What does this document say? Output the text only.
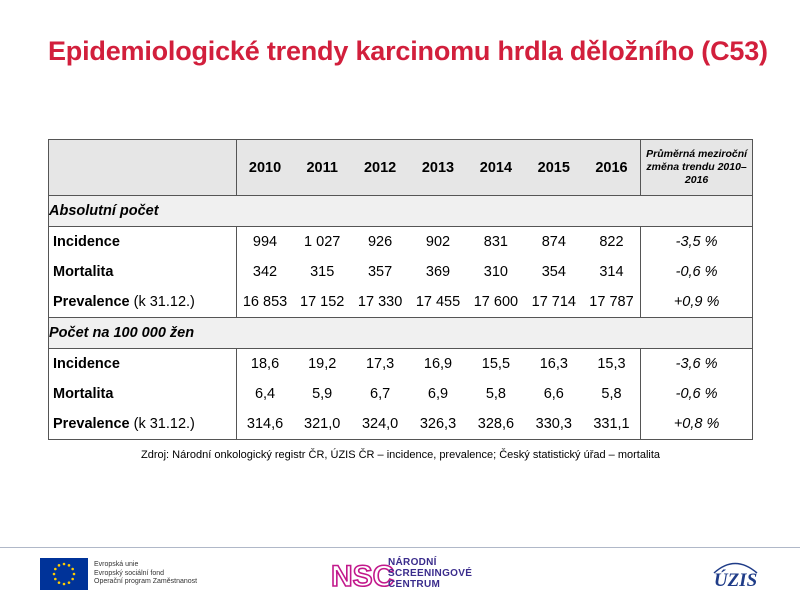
Epidemiologické trendy karcinomu hrdla děložního (C53)
	2010	2011	2012	2013	2014	2015	2016	Průměrná meziroční změna trendu 2010–2016
Absolutní počet								
Incidence	994	1 027	926	902	831	874	822	-3,5 %
Mortalita	342	315	357	369	310	354	314	-0,6 %
Prevalence (k 31.12.)	16 853	17 152	17 330	17 455	17 600	17 714	17 787	+0,9 %
Počet na 100 000 žen								
Incidence	18,6	19,2	17,3	16,9	15,5	16,3	15,3	-3,6 %
Mortalita	6,4	5,9	6,7	6,9	5,8	6,6	5,8	-0,6 %
Prevalence (k 31.12.)	314,6	321,0	324,0	326,3	328,6	330,3	331,1	+0,8 %
Zdroj: Národní onkologický registr ČR, ÚZIS ČR – incidence, prevalence; Český statistický úřad – mortalita
Evropská unie
Evropský sociální fond
Operační program Zaměstnanost	NSC
NÁRODNÍ
SCREENINGOVÉ
CENTRUM	ÚZIS
